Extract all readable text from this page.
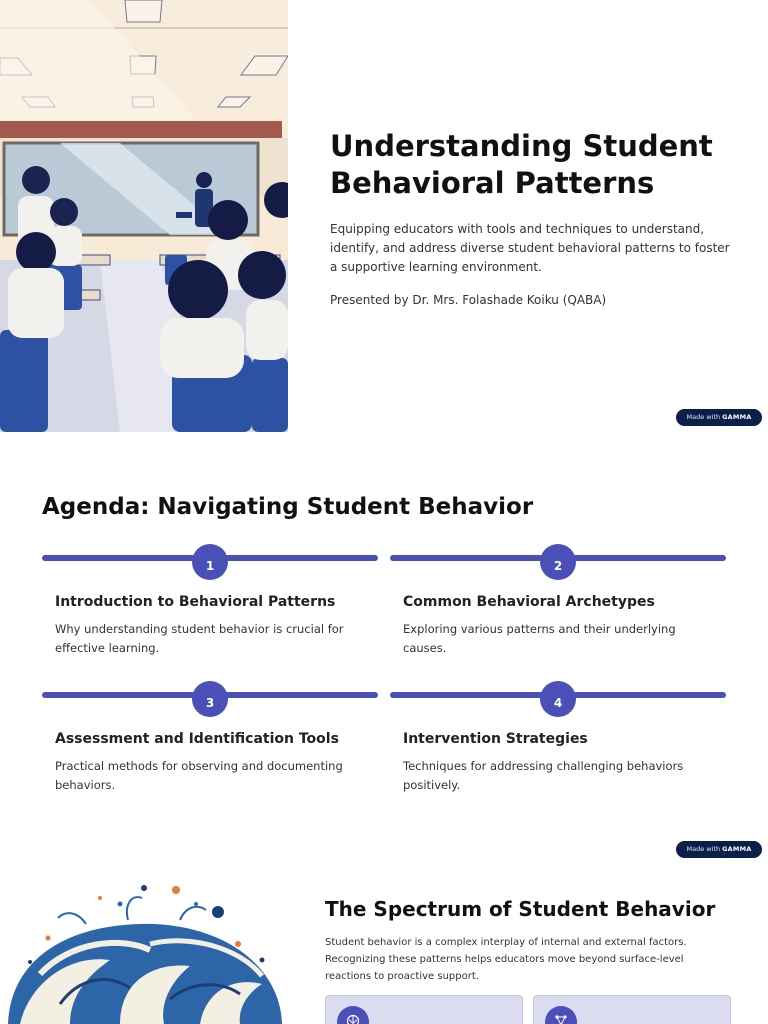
Understanding Student Behavioral Patterns

Equipping educators with tools and techniques to understand, identify, and address diverse student behavioral patterns to foster a supportive learning environment.

Presented by Dr. Mrs. Folashade Koiku (QABA)

Made with GAMMA
Agenda: Navigating Student Behavior
1
Introduction to Behavioral Patterns
Why understanding student behavior is crucial for effective learning.
2
Common Behavioral Archetypes
Exploring various patterns and their underlying causes.
3
Assessment and Identification Tools
Practical methods for observing and documenting behaviors.
4
Intervention Strategies
Techniques for addressing challenging behaviors positively.
Made with GAMMA
The Spectrum of Student Behavior

Student behavior is a complex interplay of internal and external factors. Recognizing these patterns helps educators move beyond surface-level reactions to proactive support.
